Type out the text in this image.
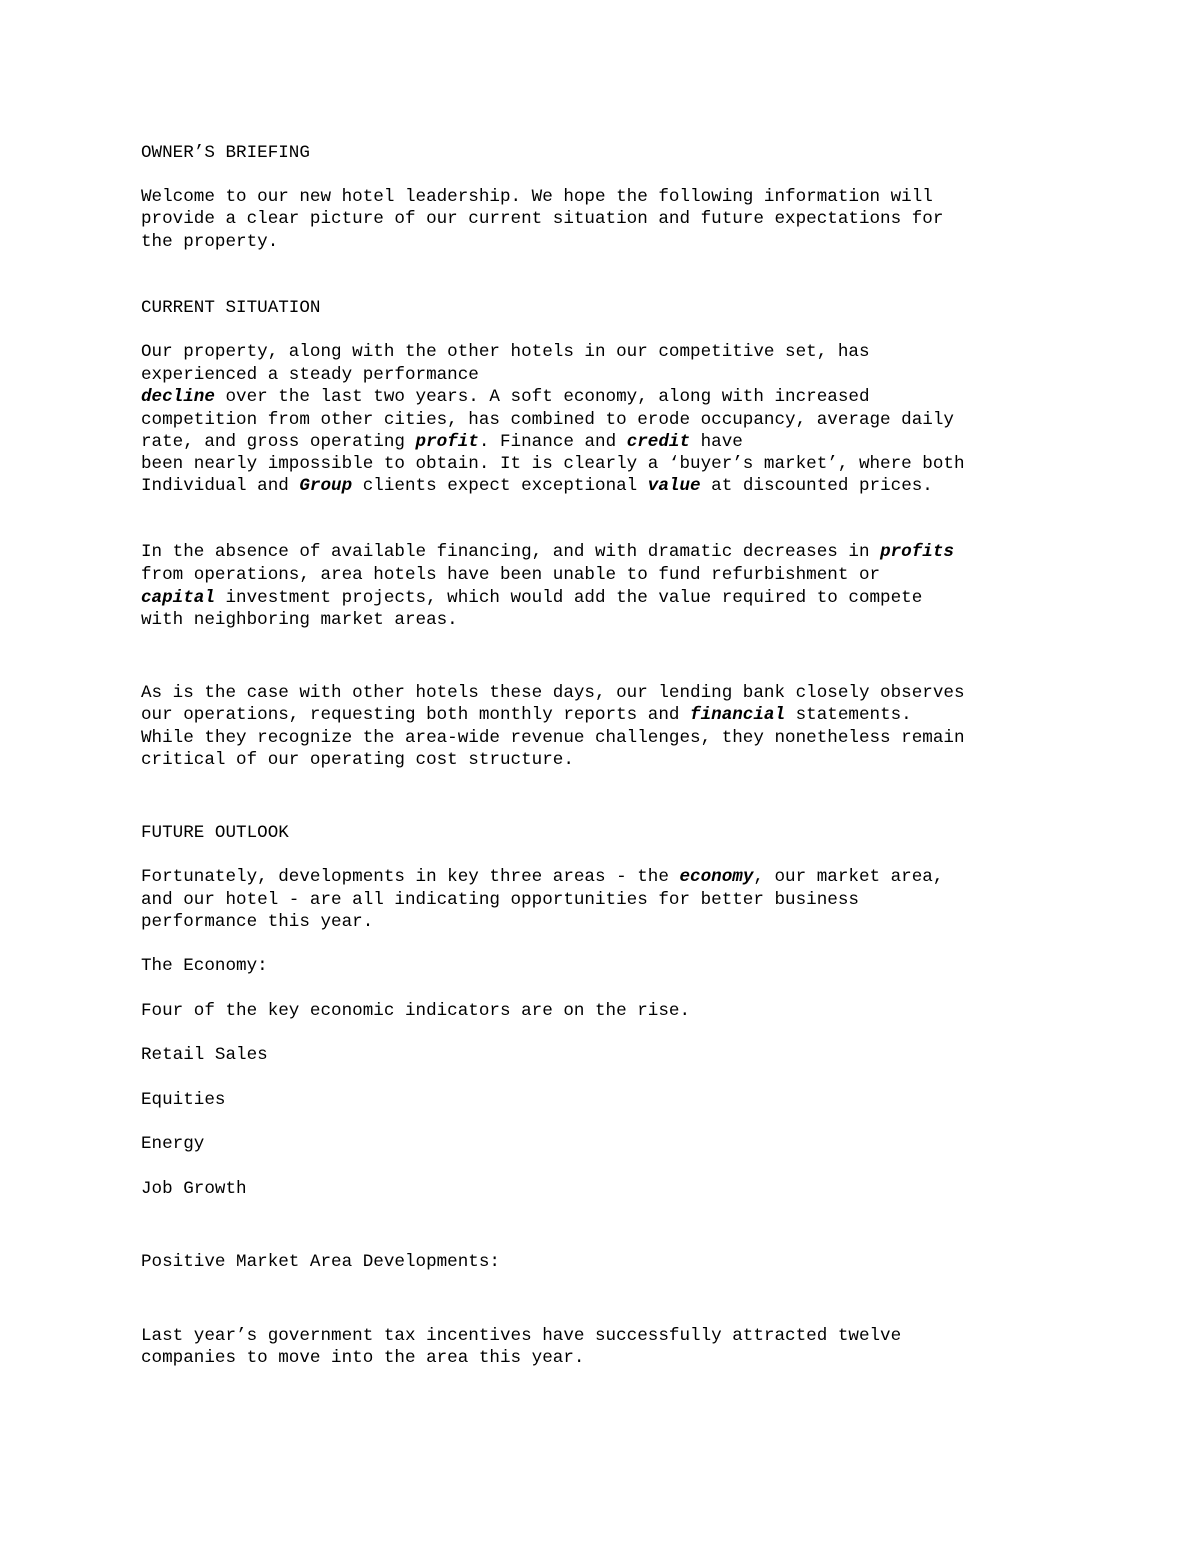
OWNER’S BRIEFING
Welcome to our new hotel leadership. We hope the following information will
provide a clear picture of our current situation and future expectations for
the property.
CURRENT SITUATION
Our property, along with the other hotels in our competitive set, has
experienced a steady performance
decline over the last two years. A soft economy, along with increased
competition from other cities, has combined to erode occupancy, average daily
rate, and gross operating profit. Finance and credit have
been nearly impossible to obtain. It is clearly a ‘buyer’s market’, where both
Individual and Group clients expect exceptional value at discounted prices.
In the absence of available financing, and with dramatic decreases in profits
from operations, area hotels have been unable to fund refurbishment or
capital investment projects, which would add the value required to compete
with neighboring market areas.
As is the case with other hotels these days, our lending bank closely observes
our operations, requesting both monthly reports and financial statements.
While they recognize the area-wide revenue challenges, they nonetheless remain
critical of our operating cost structure.
FUTURE OUTLOOK
Fortunately, developments in key three areas - the economy, our market area,
and our hotel - are all indicating opportunities for better business
performance this year.
The Economy:
Four of the key economic indicators are on the rise.
Retail Sales
Equities
Energy
Job Growth
Positive Market Area Developments:
Last year’s government tax incentives have successfully attracted twelve
companies to move into the area this year.
